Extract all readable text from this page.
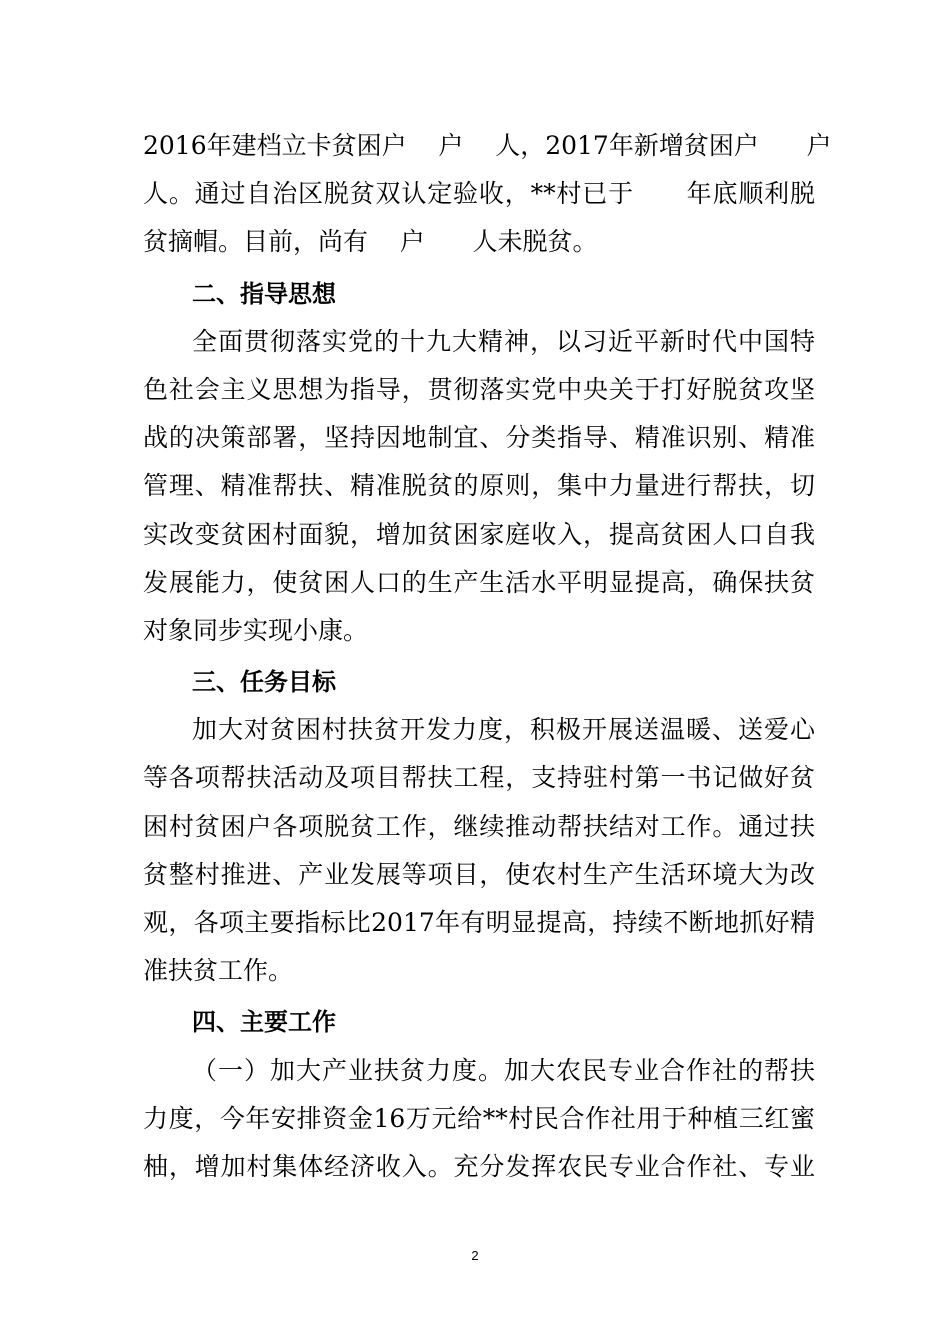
2016年建档立卡贫困户    户    人，2017年新增贫困户      户
人。通过自治区脱贫双认定验收，**村已于      年底顺利脱
贫摘帽。目前，尚有    户      人未脱贫。
二、指导思想
全面贯彻落实党的十九大精神，以习近平新时代中国特
色社会主义思想为指导，贯彻落实党中央关于打好脱贫攻坚
战的决策部署，坚持因地制宜、分类指导、精准识别、精准
管理、精准帮扶、精准脱贫的原则，集中力量进行帮扶，切
实改变贫困村面貌，增加贫困家庭收入，提高贫困人口自我
发展能力，使贫困人口的生产生活水平明显提高，确保扶贫
对象同步实现小康。
三、任务目标
加大对贫困村扶贫开发力度，积极开展送温暖、送爱心
等各项帮扶活动及项目帮扶工程，支持驻村第一书记做好贫
困村贫困户各项脱贫工作，继续推动帮扶结对工作。通过扶
贫整村推进、产业发展等项目，使农村生产生活环境大为改
观，各项主要指标比2017年有明显提高，持续不断地抓好精
准扶贫工作。
四、主要工作
（一）加大产业扶贫力度。加大农民专业合作社的帮扶
力度，今年安排资金16万元给**村民合作社用于种植三红蜜
柚，增加村集体经济收入。充分发挥农民专业合作社、专业
2
